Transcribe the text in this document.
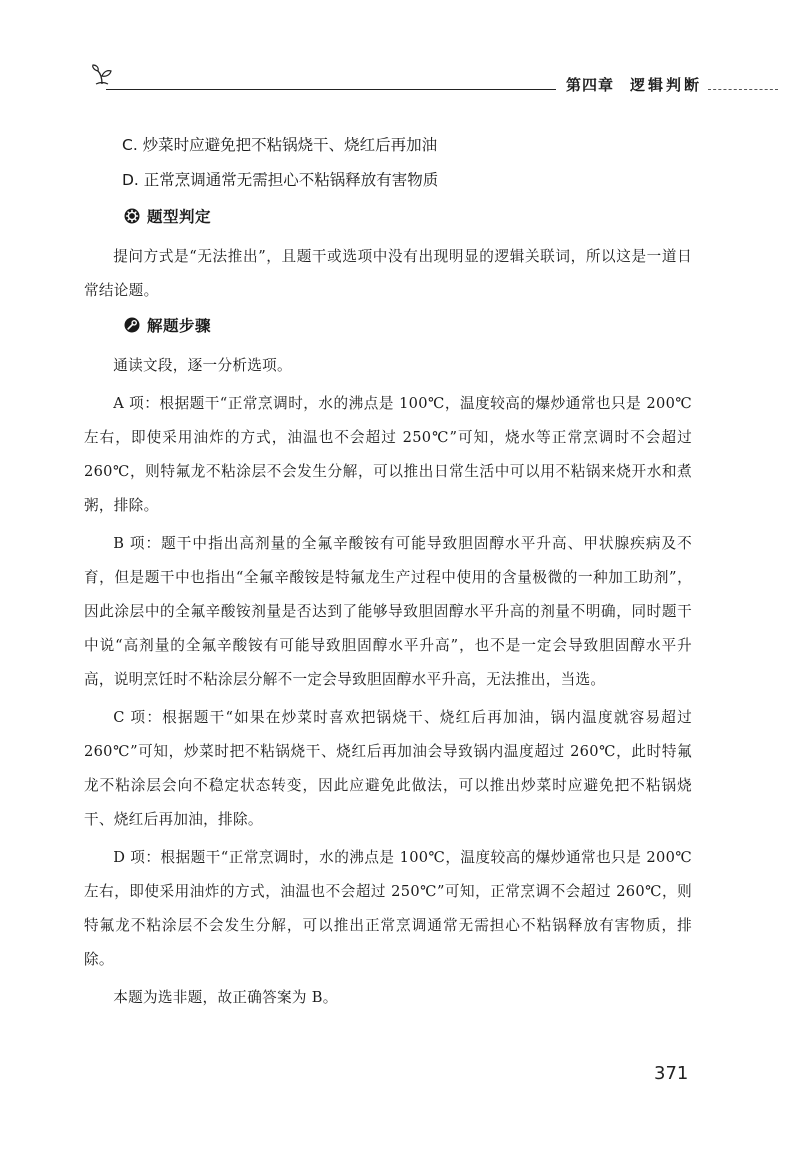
第四章 逻辑判断
C. 炒菜时应避免把不粘锅烧干、烧红后再加油
D. 正常烹调通常无需担心不粘锅释放有害物质
题型判定

提问方式是“无法推出”，且题干或选项中没有出现明显的逻辑关联词，所以这是一道日常结论题。

解题步骤

通读文段，逐一分析选项。

A 项：根据题干“正常烹调时，水的沸点是 100℃，温度较高的爆炒通常也只是 200℃左右，即使采用油炸的方式，油温也不会超过 250℃”可知，烧水等正常烹调时不会超过 260℃，则特氟龙不粘涂层不会发生分解，可以推出日常生活中可以用不粘锅来烧开水和煮粥，排除。

B 项：题干中指出高剂量的全氟辛酸铵有可能导致胆固醇水平升高、甲状腺疾病及不育，但是题干中也指出“全氟辛酸铵是特氟龙生产过程中使用的含量极微的一种加工助剂”，因此涂层中的全氟辛酸铵剂量是否达到了能够导致胆固醇水平升高的剂量不明确，同时题干中说“高剂量的全氟辛酸铵有可能导致胆固醇水平升高”，也不是一定会导致胆固醇水平升高，说明烹饪时不粘涂层分解不一定会导致胆固醇水平升高，无法推出，当选。

C 项：根据题干“如果在炒菜时喜欢把锅烧干、烧红后再加油，锅内温度就容易超过 260℃”可知，炒菜时把不粘锅烧干、烧红后再加油会导致锅内温度超过 260℃，此时特氟龙不粘涂层会向不稳定状态转变，因此应避免此做法，可以推出炒菜时应避免把不粘锅烧干、烧红后再加油，排除。

D 项：根据题干“正常烹调时，水的沸点是 100℃，温度较高的爆炒通常也只是 200℃左右，即使采用油炸的方式，油温也不会超过 250℃”可知，正常烹调不会超过 260℃，则特氟龙不粘涂层不会发生分解，可以推出正常烹调通常无需担心不粘锅释放有害物质，排除。

本题为选非题，故正确答案为 B。

371
